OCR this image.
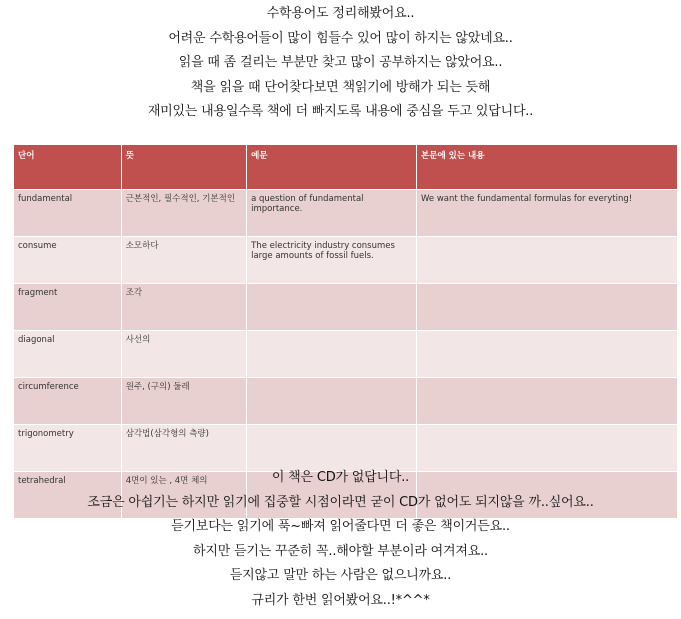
수학용어도 정리해봤어요..
어려운 수학용어들이 많이 힘들수 있어 많이 하지는 않았네요..
읽을 때 좀 걸리는 부분만 찾고 많이 공부하지는 않았어요..
책을 읽을 때 단어찾다보면 책읽기에 방해가 되는 듯해
재미있는 내용일수록 책에 더 빠지도록 내용에 중심을 두고 있답니다..
단어	뜻	예문	본문에 있는 내용
fundamental	근본적인, 필수적인, 기본적인	a question of fundamental importance.	We want the fundamental formulas for everyting!
consume	소모하다	The electricity industry consumes large amounts of fossil fuels.	
fragment	조각		
diagonal	사선의		
circumference	원주, (구의) 둘레		
trigonometry	삼각법(삼각형의 측량)		
tetrahedral	4면이 있는 , 4면 체의			이 책은 CD가 없답니다..
조금은 아쉽기는 하지만 읽기에 집중할 시점이라면 굳이 CD가 없어도 되지않을 까..싶어요..
듣기보다는 읽기에 푹~빠져 읽어줄다면 더 좋은 책이거든요..
하지만 듣기는 꾸준히 꼭..해야할 부분이라 여겨져요..
듣지않고 말만 하는 사람은 없으니까요..
규리가 한번 읽어봤어요..!*^^*
